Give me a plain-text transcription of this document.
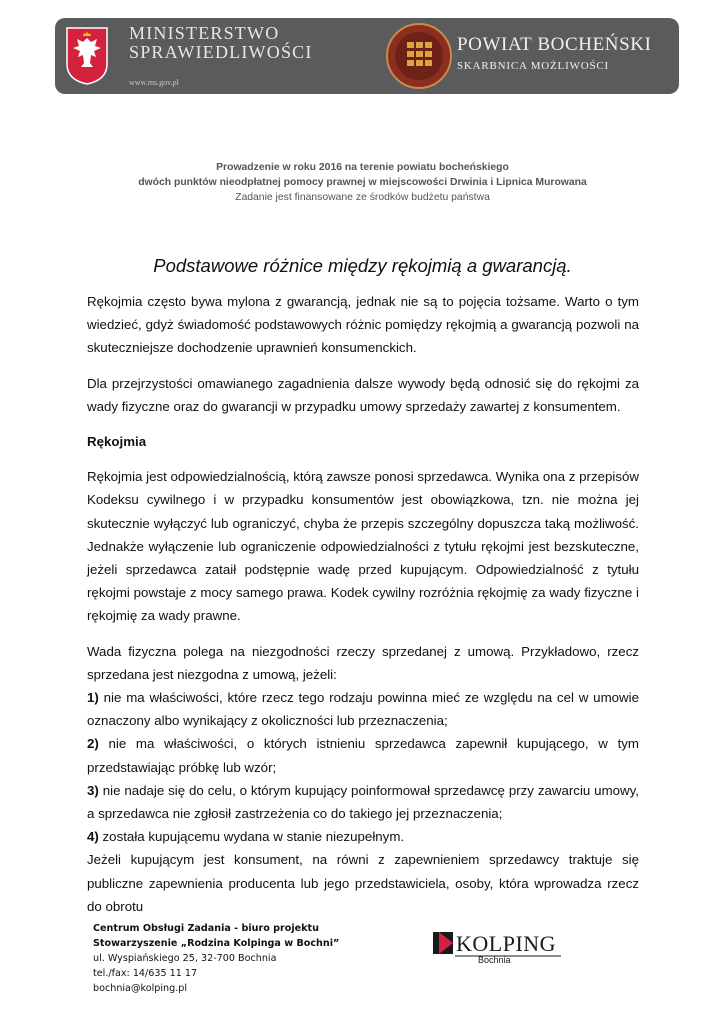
MINISTERSTWO
SPRAWIEDLIWOŚCI
www.ms.gov.pl
POWIAT BOCHEŃSKI
SKARBNICA MOŻLIWOŚCI
Prowadzenie w roku 2016 na terenie powiatu bocheńskiego
dwóch punktów nieodpłatnej pomocy prawnej w miejscowości Drwinia i Lipnica Murowana
Zadanie jest finansowane ze środków budżetu państwa
Podstawowe różnice między rękojmią a gwarancją.

Rękojmia często bywa mylona z gwarancją, jednak nie są to pojęcia tożsame. Warto o tym wiedzieć, gdyż świadomość podstawowych różnic pomiędzy rękojmią a gwarancją pozwoli na skuteczniejsze dochodzenie uprawnień konsumenckich.

Dla przejrzystości omawianego zagadnienia dalsze wywody będą odnosić się do rękojmi za wady fizyczne oraz do gwarancji w przypadku umowy sprzedaży zawartej z konsumentem.

Rękojmia

Rękojmia jest odpowiedzialnością, którą zawsze ponosi sprzedawca. Wynika ona z przepisów Kodeksu cywilnego i w przypadku konsumentów jest obowiązkowa, tzn. nie można jej skutecznie wyłączyć lub ograniczyć, chyba że przepis szczególny dopuszcza taką możliwość. Jednakże wyłączenie lub ograniczenie odpowiedzialności z tytułu rękojmi jest bezskuteczne, jeżeli sprzedawca zataił podstępnie wadę przed kupującym. Odpowiedzialność z tytułu rękojmi powstaje z mocy samego prawa. Kodek cywilny rozróżnia rękojmię za wady fizyczne i rękojmię za wady prawne.

Wada fizyczna polega na niezgodności rzeczy sprzedanej z umową. Przykładowo, rzecz sprzedana jest niezgodna z umową, jeżeli:

1) nie ma właściwości, które rzecz tego rodzaju powinna mieć ze względu na cel w umowie oznaczony albo wynikający z okoliczności lub przeznaczenia;

2) nie ma właściwości, o których istnieniu sprzedawca zapewnił kupującego, w tym przedstawiając próbkę lub wzór;

3) nie nadaje się do celu, o którym kupujący poinformował sprzedawcę przy zawarciu umowy, a sprzedawca nie zgłosił zastrzeżenia co do takiego jej przeznaczenia;

4) została kupującemu wydana w stanie niezupełnym.

Jeżeli kupującym jest konsument, na równi z zapewnieniem sprzedawcy traktuje się publiczne zapewnienia producenta lub jego przedstawiciela, osoby, która wprowadza rzecz do obrotu

Centrum Obsługi Zadania - biuro projektu
Stowarzyszenie „Rodzina Kolpinga w Bochni”
ul. Wyspiańskiego 25, 32-700 Bochnia
tel./fax: 14/635 11 17
bochnia@kolping.pl
KOLPING
Bochnia
